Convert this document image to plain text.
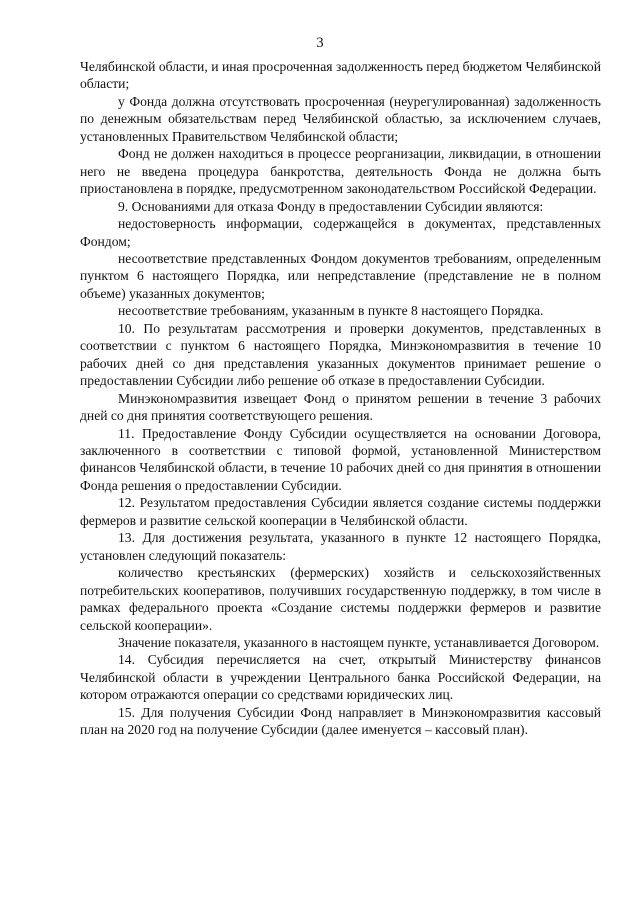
3

Челябинской области, и иная просроченная задолженность перед бюджетом Челябинской области;

у Фонда должна отсутствовать просроченная (неурегулированная) задолженность по денежным обязательствам перед Челябинской областью, за исключением случаев, установленных Правительством Челябинской области;

Фонд не должен находиться в процессе реорганизации, ликвидации, в отношении него не введена процедура банкротства, деятельность Фонда не должна быть приостановлена в порядке, предусмотренном законодательством Российской Федерации.

9. Основаниями для отказа Фонду в предоставлении Субсидии являются:

недостоверность информации, содержащейся в документах, представленных Фондом;

несоответствие представленных Фондом документов требованиям, определенным пунктом 6 настоящего Порядка, или непредставление (представление не в полном объеме) указанных документов;

несоответствие требованиям, указанным в пункте 8 настоящего Порядка.

10. По результатам рассмотрения и проверки документов, представленных в соответствии с пунктом 6 настоящего Порядка, Минэкономразвития в течение 10 рабочих дней со дня представления указанных документов принимает решение о предоставлении Субсидии либо решение об отказе в предоставлении Субсидии.

Минэкономразвития извещает Фонд о принятом решении в течение 3 рабочих дней со дня принятия соответствующего решения.

11. Предоставление Фонду Субсидии осуществляется на основании Договора, заключенного в соответствии с типовой формой, установленной Министерством финансов Челябинской области, в течение 10 рабочих дней со дня принятия в отношении Фонда решения о предоставлении Субсидии.

12. Результатом предоставления Субсидии является создание системы поддержки фермеров и развитие сельской кооперации в Челябинской области.

13. Для достижения результата, указанного в пункте 12 настоящего Порядка, установлен следующий показатель:

количество крестьянских (фермерских) хозяйств и сельскохозяйственных потребительских кооперативов, получивших государственную поддержку, в том числе в рамках федерального проекта «Создание системы поддержки фермеров и развитие сельской кооперации».

Значение показателя, указанного в настоящем пункте, устанавливается Договором.

14. Субсидия перечисляется на счет, открытый Министерству финансов Челябинской области в учреждении Центрального банка Российской Федерации, на котором отражаются операции со средствами юридических лиц.

15. Для получения Субсидии Фонд направляет в Минэкономразвития кассовый план на 2020 год на получение Субсидии (далее именуется – кассовый план).
